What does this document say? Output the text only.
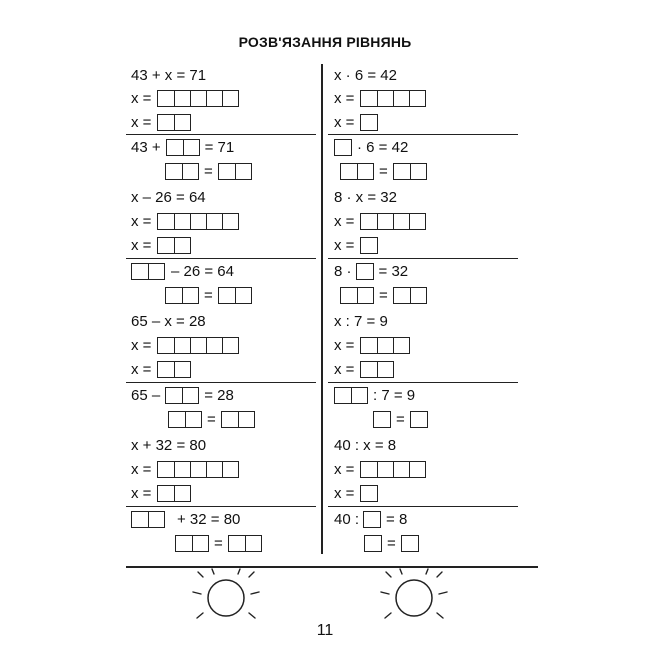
РОЗВ'ЯЗАННЯ РІВНЯНЬ
43 + x = 71
x =
x =
43 +	= 71
=
x – 26 = 64
x =
x =
– 26 = 64
=
65 – x = 28
x =
x =
65 –	= 28
=
x + 32 = 80
x =
x =
+ 32 = 80
=
x · 6 = 42
x =
x =
· 6 = 42
=
8 · x = 32
x =
x =
8 · = 32
=
x : 7 = 9
x =
x =
: 7 = 9
=
40 : x = 8
x =
x =
40 : = 8
=
11
